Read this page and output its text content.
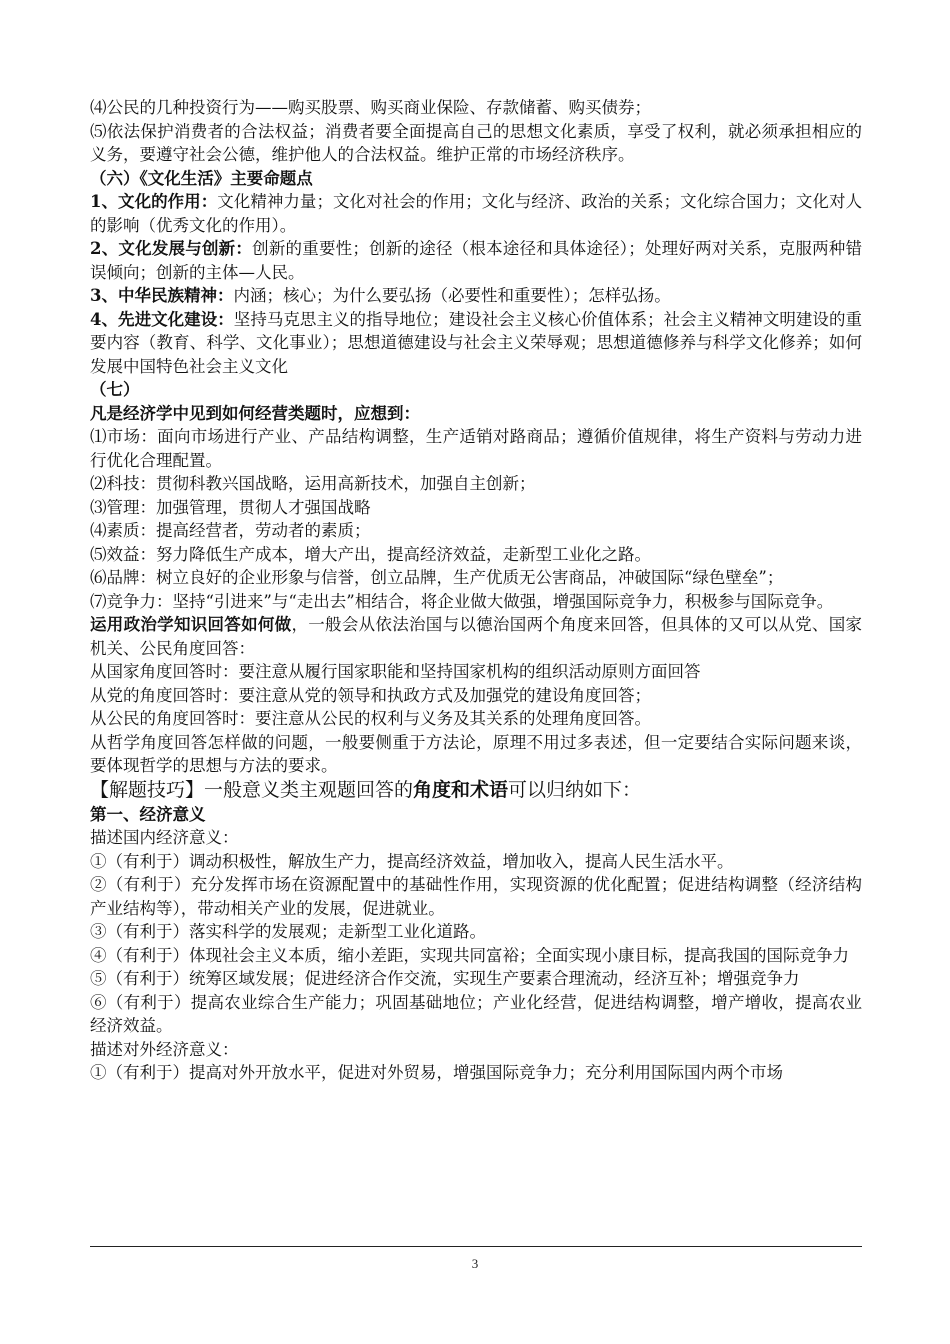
⑷公民的几种投资行为——购买股票、购买商业保险、存款储蓄、购买债券；

⑸依法保护消费者的合法权益；消费者要全面提高自己的思想文化素质，享受了权利，就必须承担相应的义务，要遵守社会公德，维护他人的合法权益。维护正常的市场经济秩序。

（六）《文化生活》主要命题点

1、文化的作用：文化精神力量；文化对社会的作用；文化与经济、政治的关系；文化综合国力；文化对人的影响（优秀文化的作用）。

2、文化发展与创新：创新的重要性；创新的途径（根本途径和具体途径）；处理好两对关系，克服两种错误倾向；创新的主体—人民。

3、中华民族精神：内涵；核心；为什么要弘扬（必要性和重要性）；怎样弘扬。

4、先进文化建设：坚持马克思主义的指导地位；建设社会主义核心价值体系；社会主义精神文明建设的重要内容（教育、科学、文化事业）；思想道德建设与社会主义荣辱观；思想道德修养与科学文化修养；如何发展中国特色社会主义文化

（七）

凡是经济学中见到如何经营类题时，应想到：

⑴市场：面向市场进行产业、产品结构调整，生产适销对路商品；遵循价值规律，将生产资料与劳动力进行优化合理配置。

⑵科技：贯彻科教兴国战略，运用高新技术，加强自主创新；

⑶管理：加强管理，贯彻人才强国战略

⑷素质：提高经营者，劳动者的素质；

⑸效益：努力降低生产成本，增大产出，提高经济效益，走新型工业化之路。

⑹品牌：树立良好的企业形象与信誉，创立品牌，生产优质无公害商品，冲破国际“绿色壁垒”；

⑺竞争力：坚持“引进来”与“走出去”相结合，将企业做大做强，增强国际竞争力，积极参与国际竞争。

运用政治学知识回答如何做，一般会从依法治国与以德治国两个角度来回答，但具体的又可以从党、国家机关、公民角度回答：

从国家角度回答时：要注意从履行国家职能和坚持国家机构的组织活动原则方面回答

从党的角度回答时：要注意从党的领导和执政方式及加强党的建设角度回答；

从公民的角度回答时：要注意从公民的权利与义务及其关系的处理角度回答。

从哲学角度回答怎样做的问题，一般要侧重于方法论，原理不用过多表述，但一定要结合实际问题来谈，要体现哲学的思想与方法的要求。

【解题技巧】一般意义类主观题回答的角度和术语可以归纳如下：

第一、经济意义

描述国内经济意义：

①（有利于）调动积极性，解放生产力，提高经济效益，增加收入，提高人民生活水平。

②（有利于）充分发挥市场在资源配置中的基础性作用，实现资源的优化配置；促进结构调整（经济结构产业结构等），带动相关产业的发展，促进就业。

③（有利于）落实科学的发展观；走新型工业化道路。

④（有利于）体现社会主义本质，缩小差距，实现共同富裕；全面实现小康目标，提高我国的国际竞争力

⑤（有利于）统筹区域发展；促进经济合作交流，实现生产要素合理流动，经济互补；增强竞争力

⑥（有利于）提高农业综合生产能力；巩固基础地位；产业化经营，促进结构调整，增产增收，提高农业经济效益。

描述对外经济意义：

①（有利于）提高对外开放水平，促进对外贸易，增强国际竞争力；充分利用国际国内两个市场

3
